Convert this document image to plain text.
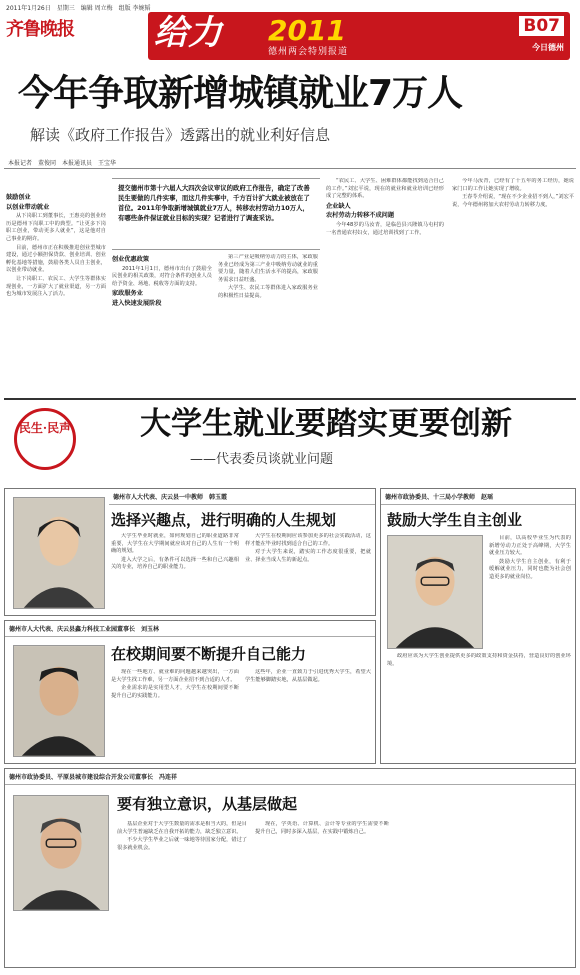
2011年1月26日　星期三　编辑 周立梅　组版 李婉韬
齐鲁晚报 给力 2011
德州两会特别报道
B07
今日德州
今年争取新增城镇就业7万人
解读《政府工作报告》透露出的就业利好信息
本报记者　董俊同　本报通讯员　王宝华
提交德州市第十六届人大四次会议审议的政府工作报告，确定了改善民生要做的几件实事，而这几件实事中，千方百计扩大就业被放在了首位。2011年争取新增城镇就业7万人，转移农村劳动力10万人，有哪些条件保证就业目标的实现？记者进行了调查采访。
鼓励创业
以创业带动就业

从下岗职工到董事长，王惠亮的创业经历是德州下岗职工中的典型。“让更多下岗职工创业，带动更多人就业”，这是他对自己事业的期许。

目前，德州市正在积极推进创业型城市建设，通过小额担保贷款、创业培训、创业孵化基地等措施，鼓励各类人员自主创业，以创业带动就业。

让下岗职工、农民工、大学生等群体实现创业，一方面扩大了就业渠道，另一方面也为城市发展注入了活力。

创业优惠政策

2011年1月1日，德州市出台了鼓励全民创业的相关政策，对符合条件的创业人员给予资金、场地、税收等方面的支持。

家政服务业
进入快速发展阶段

第三产业是吸纳劳动力的主体，家政服务业已经成为第三产业中吸纳劳动就业的重要力量，随着人们生活水平的提高，家政服务需求日益旺盛。

大学生、农民工等群体进入家政服务业的积极性日益提高。

“农民工、大学生、困难群体都能找到适合自己的工作。”刘宏平说，现在的就业和就业培训已经形成了完整的体系。

企业缺人
农村劳动力转移不成问题

今年48岁的马汝青，是临邑县兴隆镇马屯村的一名普通农村妇女，通过培训找到了工作。

今年马汝青，已经有了十五年的务工经历，她说家门口的工作让她实现了增收。

王春苓介绍说，“现在不少企业招不到人，”刘宏平说，今年德州将加大农村劳动力转移力度。

民生·民声 大学生就业要踏实更要创新
——代表委员谈就业问题
德州市人大代表、庆云县一中教师　韩玉霞
选择兴趣点，进行明确的人生规划

大学生毕业时就业，如何规划自己的职业道路非常重要，大学生在大学期间就应该对自己的人生有一个明确的规划。

进入大学之后，有条件可以选择一些和自己兴趣相关的专业，培养自己的职业能力。

大学生在校期间应该参加更多的社会实践活动，这样才能在毕业时找到适合自己的工作。

对于大学生来说，踏实的工作态度很重要，把就业、择业当成人生的新起点。

德州市政协委员、十三局小学教师　赵瑶
鼓励大学生自主创业

目前，以高校毕业生为代表的新增劳动力正处于高峰期，大学生就业压力较大。

鼓励大学生自主创业，有利于缓解就业压力，同时也能为社会创造更多的就业岗位。

政府应该为大学生创业提供更多的政策支持和资金扶持，营造良好的创业环境。

德州市人大代表、庆云县鑫力科技工业园董事长　刘玉林
在校期间要不断提升自己能力

现在一些地方、就业难的问题越来越突出，一方面是大学生找工作难，另一方面企业招不到合适的人才。

企业需求的是实用型人才，大学生在校期间要不断提升自己的实践能力。

这些年，企业一直致力于引进优秀大学生，希望大学生能够脚踏实地，从基层做起。

德州市政协委员、平原县城市建设综合开发公司董事长　冯连祥
要有独立意识，从基层做起

基层企业对于大学生数量的需求是相当大的，但是目前大学生普遍缺乏在自我开拓的能力，缺乏独立意识。

不少大学生毕业之后就一味地等待国家分配，错过了很多就业机会。

现在，学英语、计算机、会计等专业的学生需要不断提升自己，同时多深入基层，在实践中锻炼自己。
